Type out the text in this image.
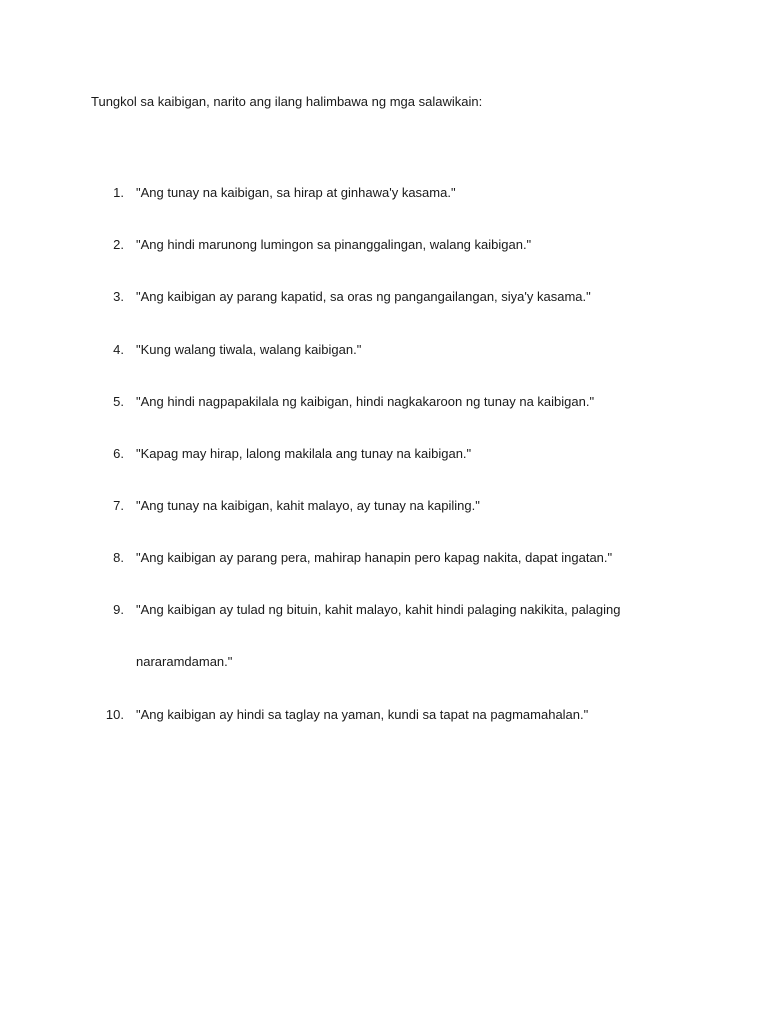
Tungkol sa kaibigan, narito ang ilang halimbawa ng mga salawikain:

1. "Ang tunay na kaibigan, sa hirap at ginhawa'y kasama."
2. "Ang hindi marunong lumingon sa pinanggalingan, walang kaibigan."
3. "Ang kaibigan ay parang kapatid, sa oras ng pangangailangan, siya'y kasama."
4. "Kung walang tiwala, walang kaibigan."
5. "Ang hindi nagpapakilala ng kaibigan, hindi nagkakaroon ng tunay na kaibigan."
6. "Kapag may hirap, lalong makilala ang tunay na kaibigan."
7. "Ang tunay na kaibigan, kahit malayo, ay tunay na kapiling."
8. "Ang kaibigan ay parang pera, mahirap hanapin pero kapag nakita, dapat ingatan."
9. "Ang kaibigan ay tulad ng bituin, kahit malayo, kahit hindi palaging nakikita, palaging
nararamdaman."
10. "Ang kaibigan ay hindi sa taglay na yaman, kundi sa tapat na pagmamahalan."
